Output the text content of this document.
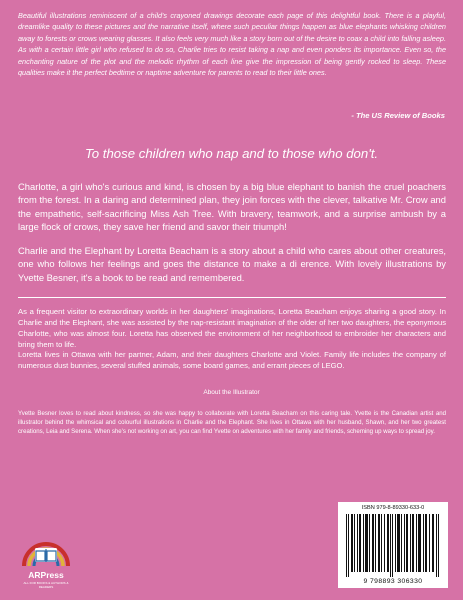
Beautiful illustrations reminiscent of a child's crayoned drawings decorate each page of this delightful book. There is a playful, dreamlike quality to these pictures and the narrative itself, where such peculiar things happen as blue elephants whisking children away to forests or crows wearing glasses. It also feels very much like a story born out of the desire to coax a child into falling asleep. As with a certain little girl who refused to do so, Charlie tries to resist taking a nap and even ponders its importance. Even so, the enchanting nature of the plot and the melodic rhythm of each line give the impression of being gently rocked to sleep. These qualities make it the perfect bedtime or naptime adventure for parents to read to their little ones.
- The US Review of Books
To those children who nap and to those who don't.
Charlotte, a girl who's curious and kind, is chosen by a big blue elephant to banish the cruel poachers from the forest. In a daring and determined plan, they join forces with the clever, talkative Mr. Crow and the empathetic, self-sacrificing Miss Ash Tree. With bravery, teamwork, and a surprise ambush by a large flock of crows, they save her friend and savor their triumph!
Charlie and the Elephant by Loretta Beacham is a story about a child who cares about other creatures, one who follows her feelings and goes the distance to make a di erence. With lovely illustrations by Yvette Besner, it's a book to be read and remembered.
As a frequent visitor to extraordinary worlds in her daughters' imaginations, Loretta Beacham enjoys sharing a good story. In Charlie and the Elephant, she was assisted by the nap-resistant imagination of the older of her two daughters, the eponymous Charlotte, who was almost four. Loretta has observed the environment of her neighborhood to embroider her characters and bring them to life.
Loretta lives in Ottawa with her partner, Adam, and their daughters Charlotte and Violet. Family life includes the company of numerous dust bunnies, several stuffed animals, some board games, and errant pieces of LEGO.
About the Illustrator
Yvette Besner loves to read about kindness, so she was happy to collaborate with Loretta Beacham on this caring tale. Yvette is the Canadian artist and illustrator behind the whimsical and colourful illustrations in Charlie and the Elephant. She lives in Ottawa with her husband, Shawn, and her two greatest creations, Leia and Serena. When she's not working on art, you can find Yvette on adventures with her family and friends, scheming up ways to spread joy.
ARPress
ALL FOR BOOKS & AUTHORS & READERS
ISBN 979-8-89330-633-0
9 798893 306330
